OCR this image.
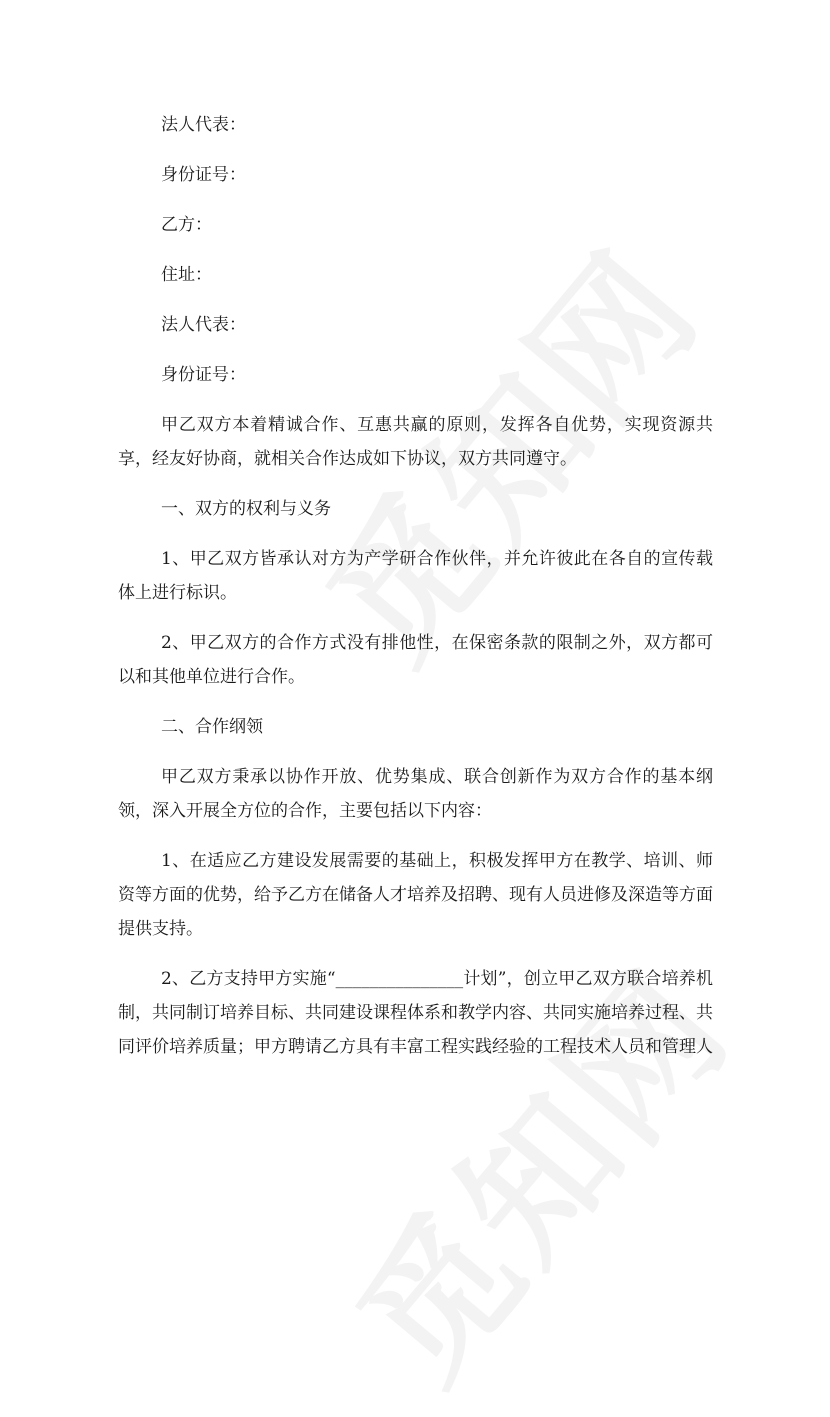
法人代表：

身份证号：

乙方：

住址：

法人代表：

身份证号：

甲乙双方本着精诚合作、互惠共赢的原则，发挥各自优势，实现资源共享，经友好协商，就相关合作达成如下协议，双方共同遵守。

一、双方的权利与义务

1、甲乙双方皆承认对方为产学研合作伙伴，并允许彼此在各自的宣传载体上进行标识。

2、甲乙双方的合作方式没有排他性，在保密条款的限制之外，双方都可以和其他单位进行合作。

二、合作纲领

甲乙双方秉承以协作开放、优势集成、联合创新作为双方合作的基本纲领，深入开展全方位的合作，主要包括以下内容：

1、在适应乙方建设发展需要的基础上，积极发挥甲方在教学、培训、师资等方面的优势，给予乙方在储备人才培养及招聘、现有人员进修及深造等方面提供支持。

2、乙方支持甲方实施“_______________计划”，创立甲乙双方联合培养机制，共同制订培养目标、共同建设课程体系和教学内容、共同实施培养过程、共同评价培养质量；甲方聘请乙方具有丰富工程实践经验的工程技术人员和管理人
